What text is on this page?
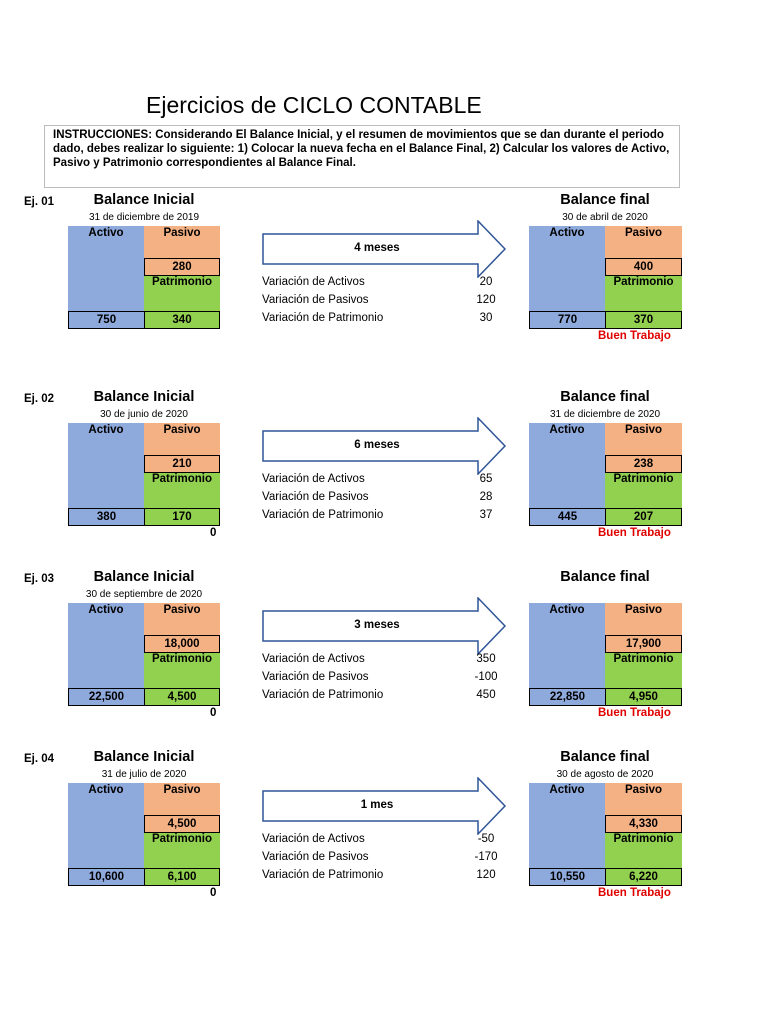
Ejercicios de CICLO CONTABLE
INSTRUCCIONES: Considerando El Balance Inicial, y el resumen de movimientos que se dan durante el periodo dado, debes realizar lo siguiente: 1) Colocar la nueva fecha en el Balance Final, 2) Calcular los valores de Activo, Pasivo y Patrimonio correspondientes al Balance Final.
Ej. 01	Balance Inicial
31 de diciembre de 2019
Activo	Pasivo
280
Patrimonio
750	340
4 meses
Variación de Activos	20
Variación de Pasivos	120
Variación de Patrimonio	30
Balance final
30 de abril de 2020
Activo	Pasivo
400
Patrimonio
770	370
Buen Trabajo
Ej. 02	Balance Inicial
30 de junio de 2020
Activo	Pasivo
210
Patrimonio
380	170
0
6 meses
Variación de Activos	65
Variación de Pasivos	28
Variación de Patrimonio	37
Balance final
31 de diciembre de 2020
Activo	Pasivo
238
Patrimonio
445	207
Buen Trabajo
Ej. 03	Balance Inicial
30 de septiembre de 2020
Activo	Pasivo
18,000
Patrimonio
22,500	4,500
0
3 meses
Variación de Activos	350
Variación de Pasivos	-100
Variación de Patrimonio	450
Balance final
Activo	Pasivo
17,900
Patrimonio
22,850	4,950
Buen Trabajo
Ej. 04	Balance Inicial
31 de julio de 2020
Activo	Pasivo
4,500
Patrimonio
10,600	6,100
0
1 mes
Variación de Activos	-50
Variación de Pasivos	-170
Variación de Patrimonio	120
Balance final
30 de agosto de 2020
Activo	Pasivo
4,330
Patrimonio
10,550	6,220
Buen Trabajo
